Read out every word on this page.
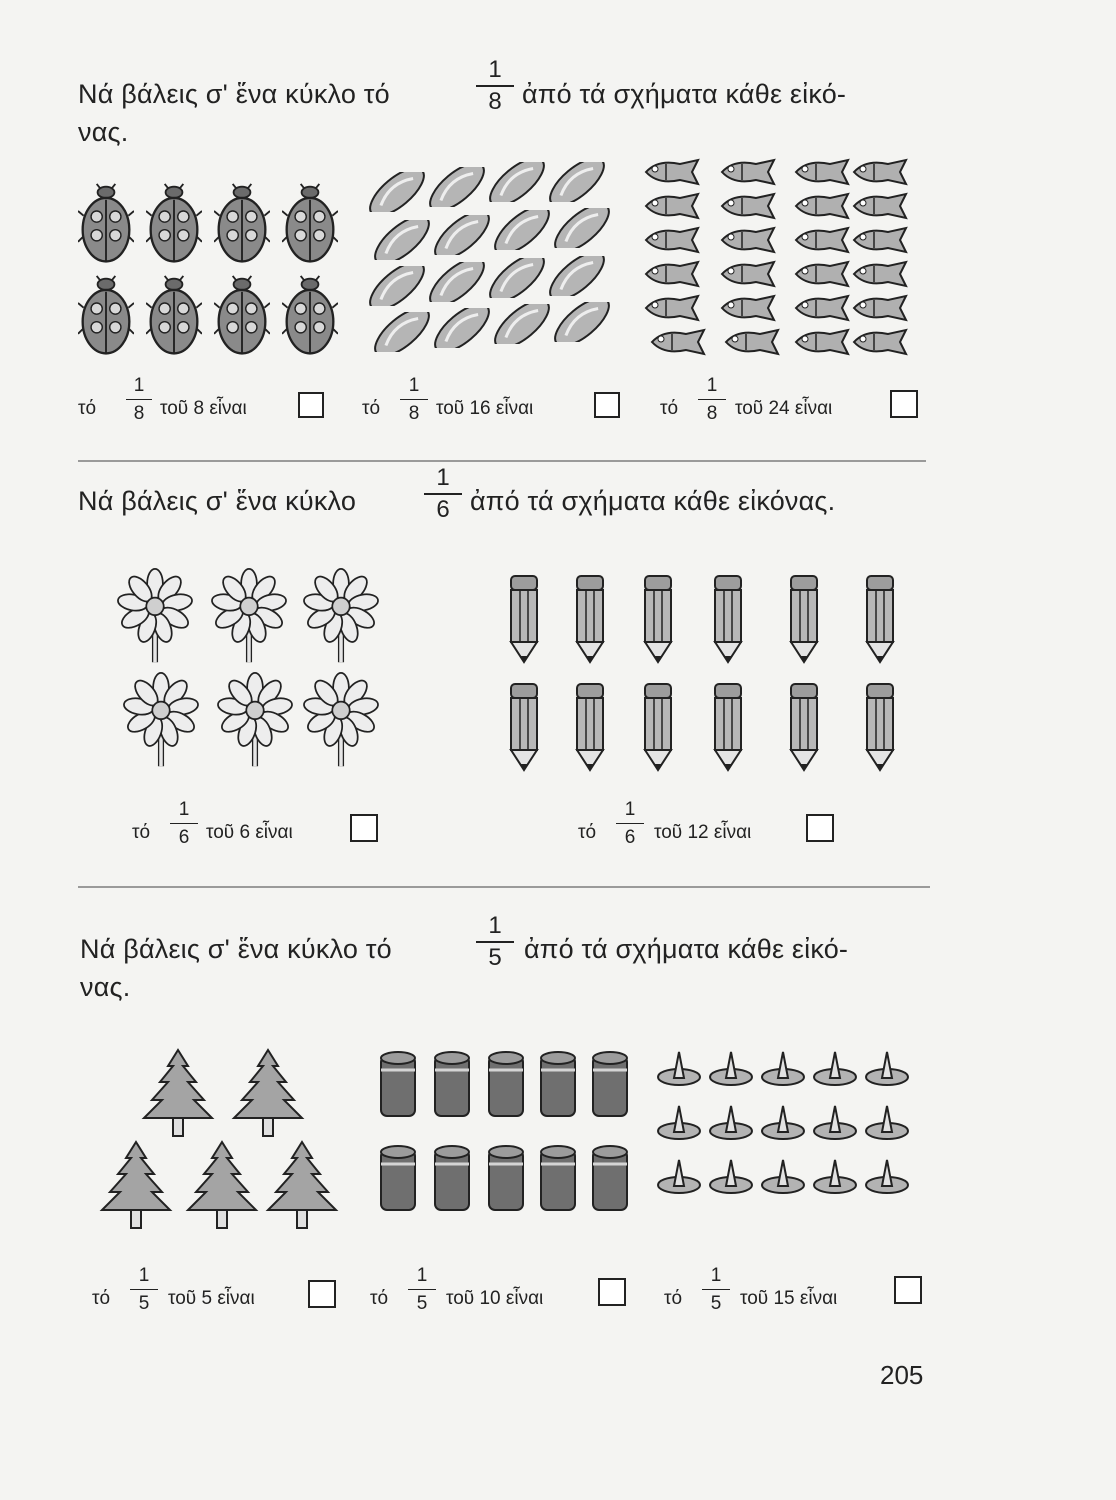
Νά βάλεις σ' ἕνα κύκλο τό
1
8 ἀπό τά σχήματα κάθε εἰκό-
νας.
τό
1
8 τοῦ 8 εἶναι	τό
1
8 τοῦ 16 εἶναι	τό
1
8 τοῦ 24 εἶναι
Νά βάλεις σ' ἕνα κύκλο
1
6 ἀπό τά σχήματα κάθε εἰκόνας.
τό
1
6 τοῦ 6 εἶναι	τό
1
6 τοῦ 12 εἶναι
Νά βάλεις σ' ἕνα κύκλο τό
1
5 ἀπό τά σχήματα κάθε εἰκό-
νας.
τό
1
5 τοῦ 5 εἶναι	τό
1
5 τοῦ 10 εἶναι	τό
1
5 τοῦ 15 εἶναι
205
